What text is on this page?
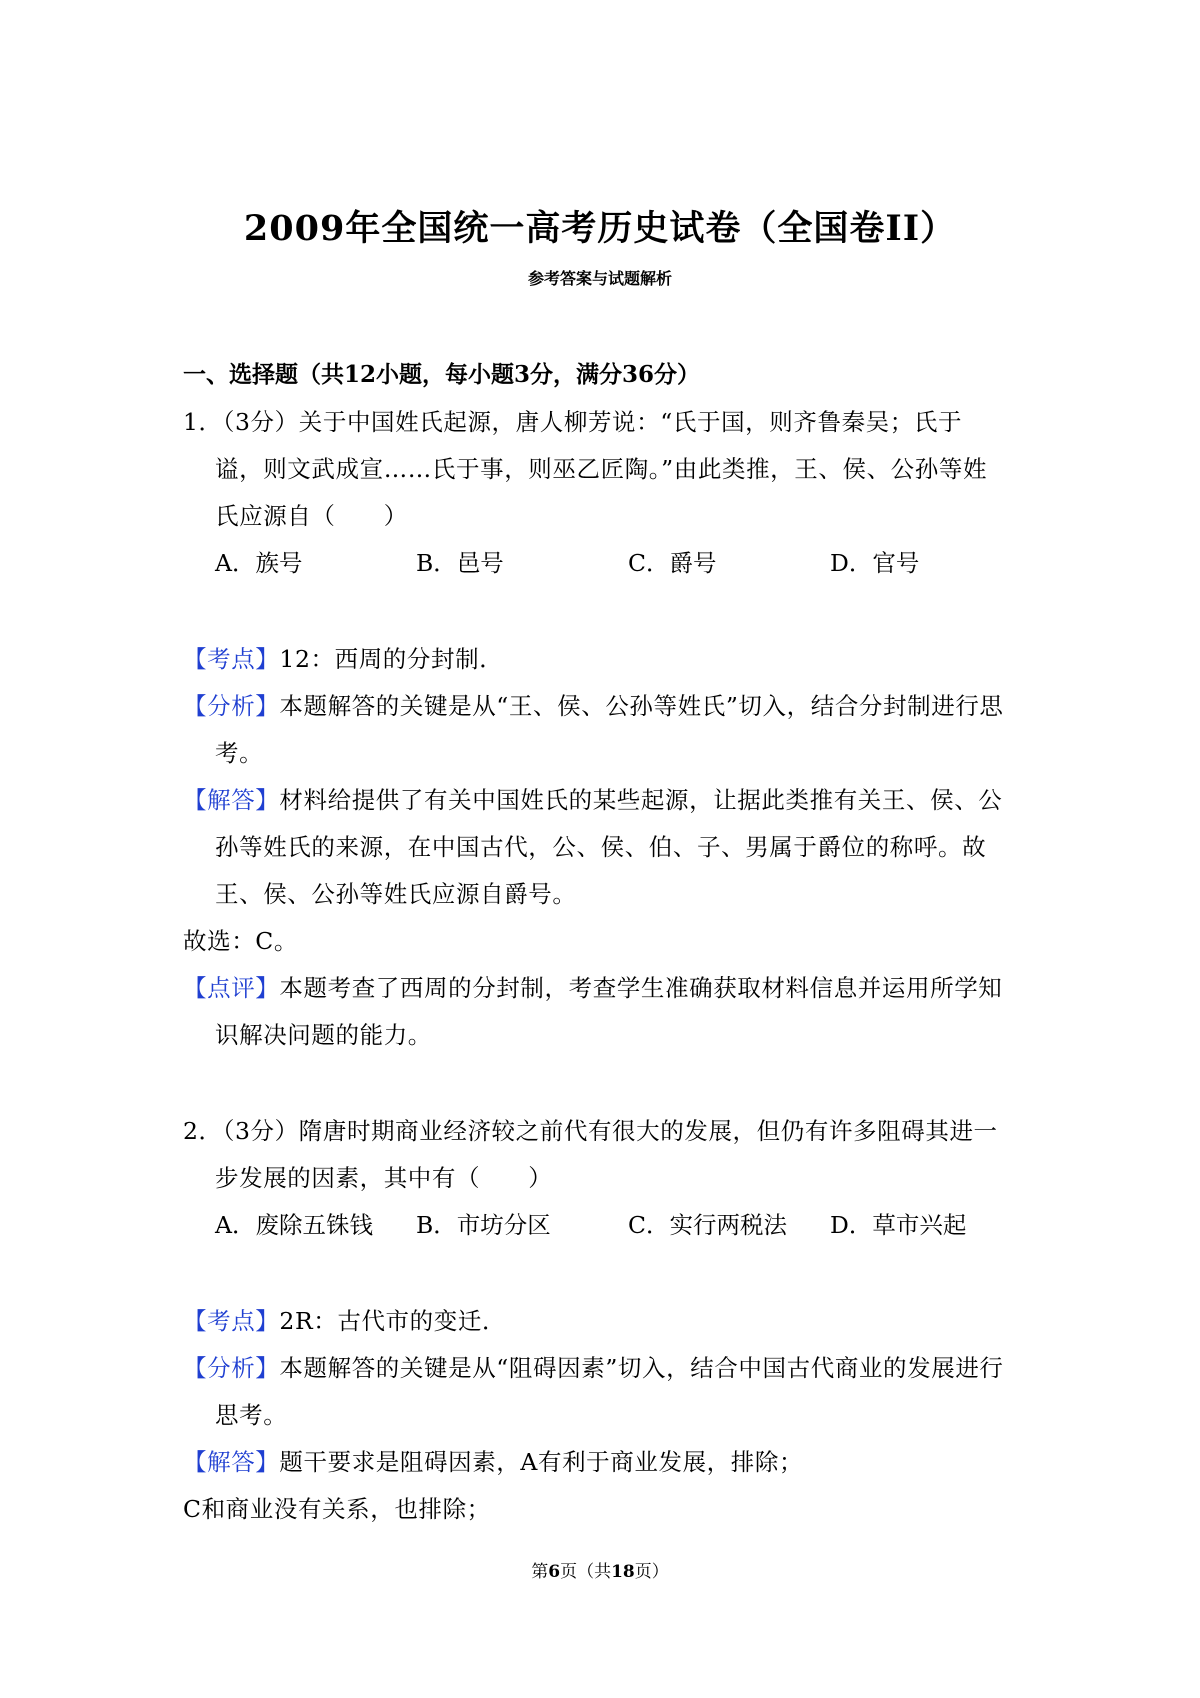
2009年全国统一高考历史试卷（全国卷II）
参考答案与试题解析
一、选择题（共12小题，每小题3分，满分36分）
1．（3分）关于中国姓氏起源，唐人柳芳说：“氏于国，则齐鲁秦吴；氏于
谥，则文武成宣……氏于事，则巫乙匠陶。”由此类推，王、侯、公孙等姓
氏应源自（　　）
A．族号	B．邑号	C．爵号	D．官号
【考点】12：西周的分封制．
【分析】本题解答的关键是从“王、侯、公孙等姓氏”切入，结合分封制进行思
考。
【解答】材料给提供了有关中国姓氏的某些起源，让据此类推有关王、侯、公
孙等姓氏的来源，在中国古代，公、侯、伯、子、男属于爵位的称呼。故
王、侯、公孙等姓氏应源自爵号。
故选：C。
【点评】本题考查了西周的分封制，考查学生准确获取材料信息并运用所学知
识解决问题的能力。
2．（3分）隋唐时期商业经济较之前代有很大的发展，但仍有许多阻碍其进一
步发展的因素，其中有（　　）
A．废除五铢钱 B．市坊分区	C．实行两税法 D．草市兴起
【考点】2R：古代市的变迁．
【分析】本题解答的关键是从“阻碍因素”切入，结合中国古代商业的发展进行
思考。
【解答】题干要求是阻碍因素，A有利于商业发展，排除；
C和商业没有关系，也排除；
第6页（共18页）
